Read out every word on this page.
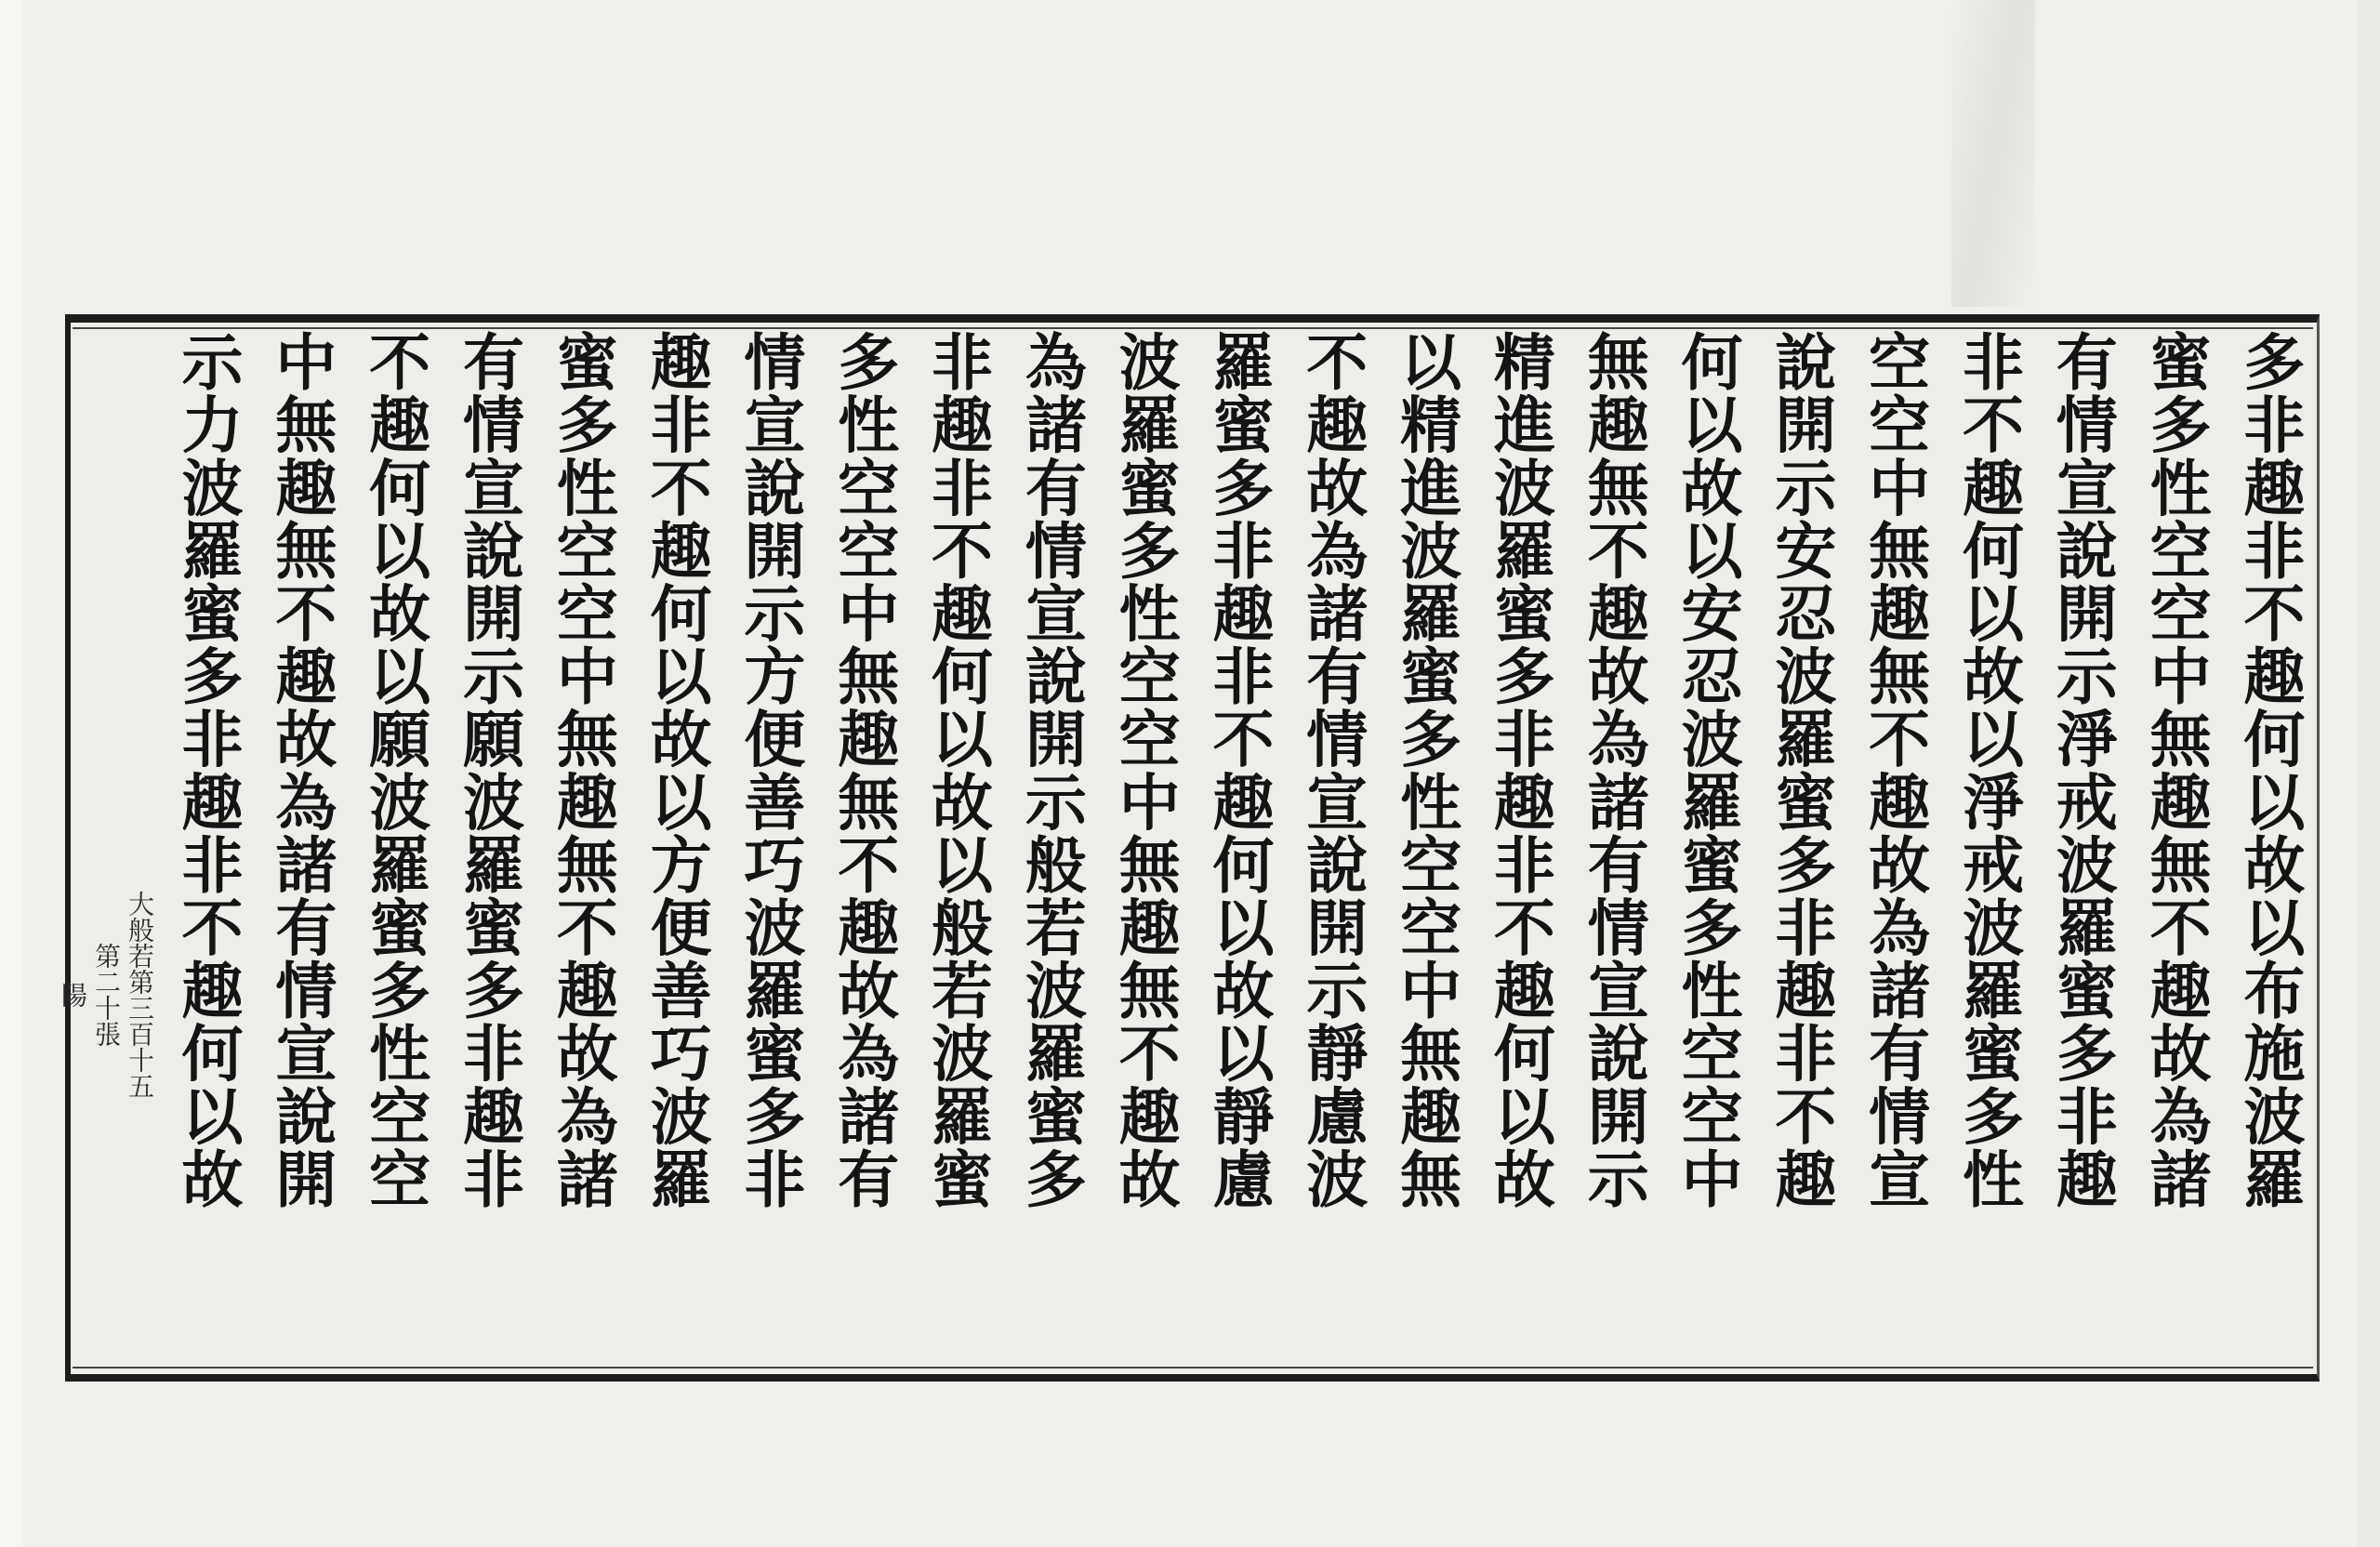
大般若第三百十五
第二十張
陽	多非趣非不趣何以故以布施波羅
蜜多性空空中無趣無不趣故為諸
有情宣說開示淨戒波羅蜜多非趣
非不趣何以故以淨戒波羅蜜多性
空空中無趣無不趣故為諸有情宣
說開示安忍波羅蜜多非趣非不趣
何以故以安忍波羅蜜多性空空中
無趣無不趣故為諸有情宣說開示
精進波羅蜜多非趣非不趣何以故
以精進波羅蜜多性空空中無趣無
不趣故為諸有情宣說開示靜慮波
羅蜜多非趣非不趣何以故以靜慮
波羅蜜多性空空中無趣無不趣故
為諸有情宣說開示般若波羅蜜多
非趣非不趣何以故以般若波羅蜜
多性空空中無趣無不趣故為諸有
情宣說開示方便善巧波羅蜜多非
趣非不趣何以故以方便善巧波羅
蜜多性空空中無趣無不趣故為諸
有情宣說開示願波羅蜜多非趣非
不趣何以故以願波羅蜜多性空空
中無趣無不趣故為諸有情宣說開
示力波羅蜜多非趣非不趣何以故
